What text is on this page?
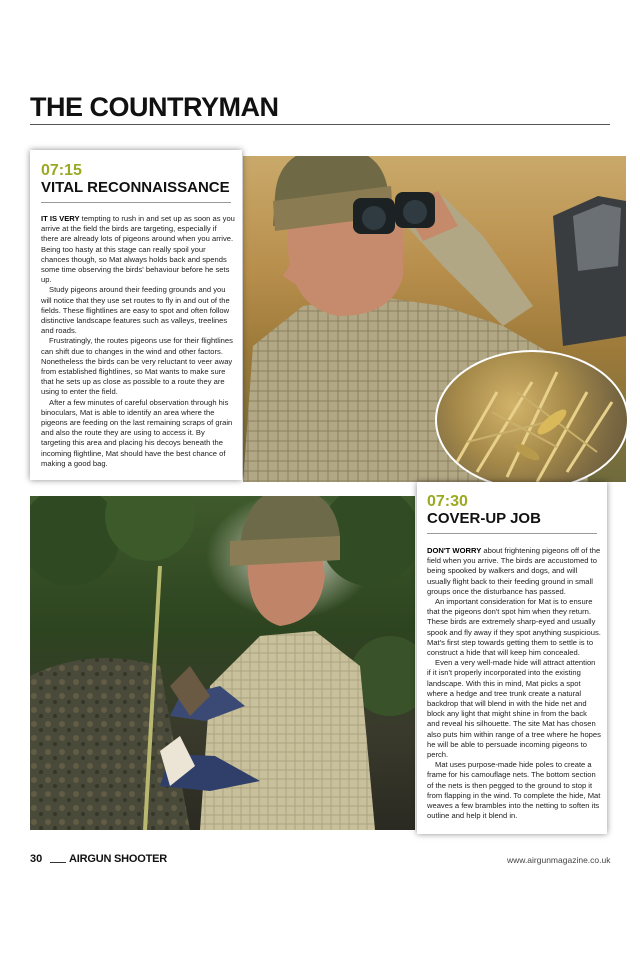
THE COUNTRYMAN
07:15
VITAL RECONNAISSANCE

IT IS VERY tempting to rush in and set up as soon as you arrive at the field the birds are targeting, especially if there are already lots of pigeons around when you arrive. Being too hasty at this stage can really spoil your chances though, so Mat always holds back and spends some time observing the birds' behaviour before he sets up.

Study pigeons around their feeding grounds and you will notice that they use set routes to fly in and out of the fields. These flightlines are easy to spot and often follow distinctive landscape features such as valleys, treelines and roads.

Frustratingly, the routes pigeons use for their flightlines can shift due to changes in the wind and other factors. Nonetheless the birds can be very reluctant to veer away from established flightlines, so Mat wants to make sure that he sets up as close as possible to a route they are using to enter the field.

After a few minutes of careful observation through his binoculars, Mat is able to identify an area where the pigeons are feeding on the last remaining scraps of grain and also the route they are using to access it. By targeting this area and placing his decoys beneath the incoming flightline, Mat should have the best chance of making a good bag.

07:30
COVER-UP JOB

DON'T WORRY about frightening pigeons off of the field when you arrive. The birds are accustomed to being spooked by walkers and dogs, and will usually flight back to their feeding ground in small groups once the disturbance has passed.

An important consideration for Mat is to ensure that the pigeons don't spot him when they return. These birds are extremely sharp-eyed and usually spook and fly away if they spot anything suspicious. Mat's first step towards getting them to settle is to construct a hide that will keep him concealed.

Even a very well-made hide will attract attention if it isn't properly incorporated into the existing landscape. With this in mind, Mat picks a spot where a hedge and tree trunk create a natural backdrop that will blend in with the hide net and block any light that might shine in from the back and reveal his silhouette. The site Mat has chosen also puts him within range of a tree where he hopes he will be able to persuade incoming pigeons to perch.

Mat uses purpose-made hide poles to create a frame for his camouflage nets. The bottom section of the nets is then pegged to the ground to stop it from flapping in the wind. To complete the hide, Mat weaves a few brambles into the netting to soften its outline and help it blend in.

30 AIRGUN SHOOTER	www.airgunmagazine.co.uk
